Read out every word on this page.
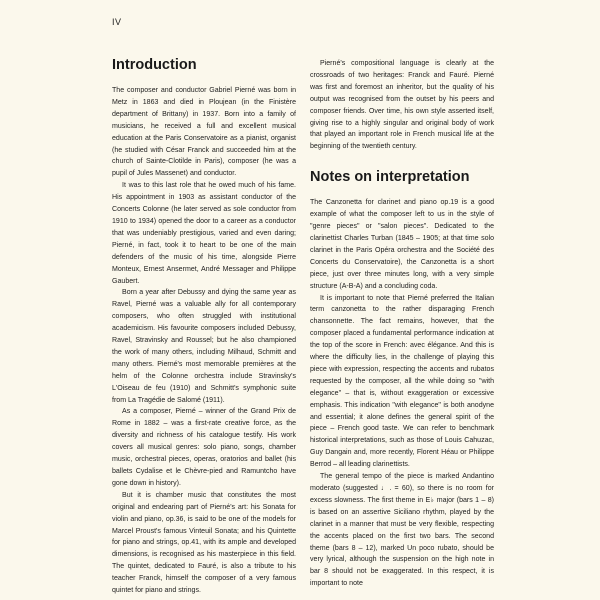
IV
Introduction

The composer and conductor Gabriel Pierné was born in Metz in 1863 and died in Ploujean (in the Finistère department of Brittany) in 1937. Born into a family of musicians, he received a full and excellent musical education at the Paris Conservatoire as a pianist, organist (he studied with César Franck and succeeded him at the church of Sainte-Clotilde in Paris), composer (he was a pupil of Jules Massenet) and conductor.

It was to this last role that he owed much of his fame. His appointment in 1903 as assistant conductor of the Concerts Colonne (he later served as sole conductor from 1910 to 1934) opened the door to a career as a conductor that was undeniably prestigious, varied and even daring; Pierné, in fact, took it to heart to be one of the main defenders of the music of his time, alongside Pierre Monteux, Ernest Ansermet, André Messager and Philippe Gaubert.

Born a year after Debussy and dying the same year as Ravel, Pierné was a valuable ally for all contemporary composers, who often struggled with institutional academicism. His favourite composers included Debussy, Ravel, Stravinsky and Roussel; but he also championed the work of many others, including Milhaud, Schmitt and many others. Pierné's most memorable premières at the helm of the Colonne orchestra include Stravinsky's L'Oiseau de feu (1910) and Schmitt's symphonic suite from La Tragédie de Salomé (1911).

As a composer, Pierné – winner of the Grand Prix de Rome in 1882 – was a first-rate creative force, as the diversity and richness of his catalogue testify. His work covers all musical genres: solo piano, songs, chamber music, orchestral pieces, operas, oratorios and ballet (his ballets Cydalise et le Chèvre-pied and Ramuntcho have gone down in history).

But it is chamber music that constitutes the most original and endearing part of Pierné's art: his Sonata for violin and piano, op.36, is said to be one of the models for Marcel Proust's famous Vinteuil Sonata; and his Quintette for piano and strings, op.41, with its ample and developed dimensions, is recognised as his masterpiece in this field. The quintet, dedicated to Fauré, is also a tribute to his teacher Franck, himself the composer of a very famous quintet for piano and strings.

Pierné's compositional language is clearly at the crossroads of two heritages: Franck and Fauré. Pierné was first and foremost an inheritor, but the quality of his output was recognised from the outset by his peers and composer friends. Over time, his own style asserted itself, giving rise to a highly singular and original body of work that played an important role in French musical life at the beginning of the twentieth century.

Notes on interpretation

The Canzonetta for clarinet and piano op.19 is a good example of what the composer left to us in the style of "genre pieces" or "salon pieces". Dedicated to the clarinettist Charles Turban (1845 – 1905; at that time solo clarinet in the Paris Opéra orchestra and the Société des Concerts du Conservatoire), the Canzonetta is a short piece, just over three minutes long, with a very simple structure (A-B-A) and a concluding coda.

It is important to note that Pierné preferred the Italian term canzonetta to the rather disparaging French chansonnette. The fact remains, however, that the composer placed a fundamental performance indication at the top of the score in French: avec élégance. And this is where the difficulty lies, in the challenge of playing this piece with expression, respecting the accents and rubatos requested by the composer, all the while doing so "with elegance" – that is, without exaggeration or excessive emphasis. This indication "with elegance" is both anodyne and essential; it alone defines the general spirit of the piece – French good taste. We can refer to benchmark historical interpretations, such as those of Louis Cahuzac, Guy Dangain and, more recently, Florent Héau or Philippe Berrod – all leading clarinettists.

The general tempo of the piece is marked Andantino moderato (suggested ♩. = 60), so there is no room for excess slowness. The first theme in E♭ major (bars 1 – 8) is based on an assertive Siciliano rhythm, played by the clarinet in a manner that must be very flexible, respecting the accents placed on the first two bars. The second theme (bars 8 – 12), marked Un poco rubato, should be very lyrical, although the suspension on the high note in bar 8 should not be exaggerated. In this respect, it is important to note
